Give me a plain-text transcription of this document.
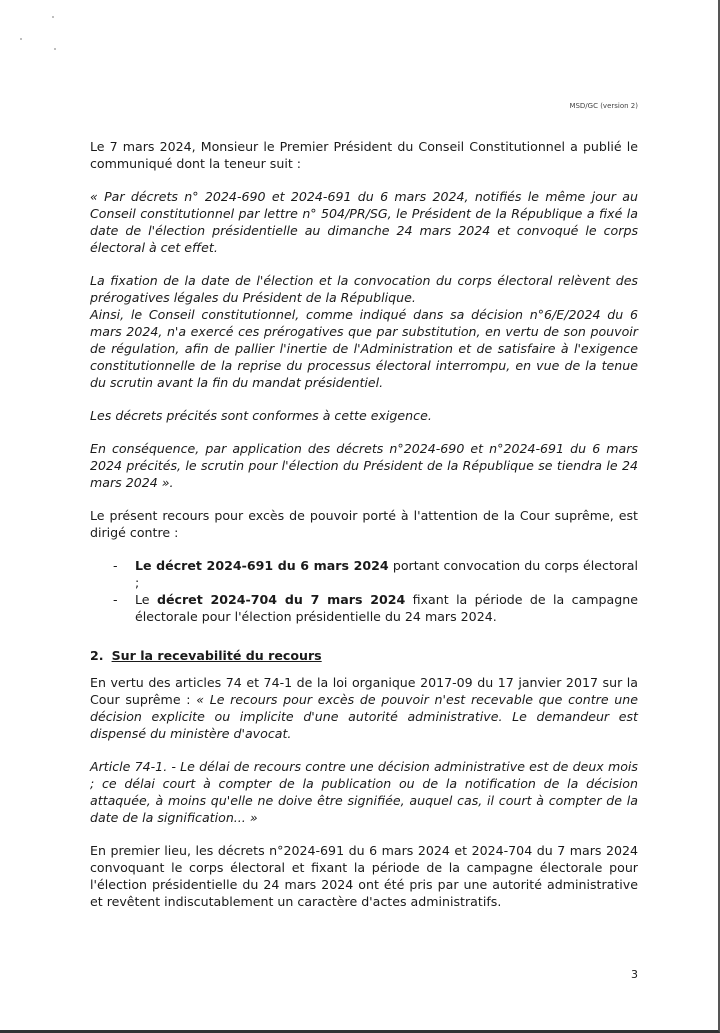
MSD/GC (version 2)

Le 7 mars 2024, Monsieur le Premier Président du Conseil Constitutionnel a publié le communiqué dont la teneur suit :

« Par décrets n° 2024-690 et 2024-691 du 6 mars 2024, notifiés le même jour au Conseil constitutionnel par lettre n° 504/PR/SG, le Président de la République a fixé la date de l'élection présidentielle au dimanche 24 mars 2024 et convoqué le corps électoral à cet effet.

La fixation de la date de l'élection et la convocation du corps électoral relèvent des prérogatives légales du Président de la République.

Ainsi, le Conseil constitutionnel, comme indiqué dans sa décision n°6/E/2024 du 6 mars 2024, n'a exercé ces prérogatives que par substitution, en vertu de son pouvoir de régulation, afin de pallier l'inertie de l'Administration et de satisfaire à l'exigence constitutionnelle de la reprise du processus électoral interrompu, en vue de la tenue du scrutin avant la fin du mandat présidentiel.

Les décrets précités sont conformes à cette exigence.

En conséquence, par application des décrets n°2024-690 et n°2024-691 du 6 mars 2024 précités, le scrutin pour l'élection du Président de la République se tiendra le 24 mars 2024 ».

Le présent recours pour excès de pouvoir porté à l'attention de la Cour suprême, est dirigé contre :

- Le décret 2024-691 du 6 mars 2024 portant convocation du corps électoral ;
- Le décret 2024-704 du 7 mars 2024 fixant la période de la campagne électorale pour l'élection présidentielle du 24 mars 2024.
2. Sur la recevabilité du recours

En vertu des articles 74 et 74-1 de la loi organique 2017-09 du 17 janvier 2017 sur la Cour suprême : « Le recours pour excès de pouvoir n'est recevable que contre une décision explicite ou implicite d'une autorité administrative. Le demandeur est dispensé du ministère d'avocat.

Article 74-1. - Le délai de recours contre une décision administrative est de deux mois ; ce délai court à compter de la publication ou de la notification de la décision attaquée, à moins qu'elle ne doive être signifiée, auquel cas, il court à compter de la date de la signification... »

En premier lieu, les décrets n°2024-691 du 6 mars 2024 et 2024-704 du 7 mars 2024 convoquant le corps électoral et fixant la période de la campagne électorale pour l'élection présidentielle du 24 mars 2024 ont été pris par une autorité administrative et revêtent indiscutablement un caractère d'actes administratifs.

3
